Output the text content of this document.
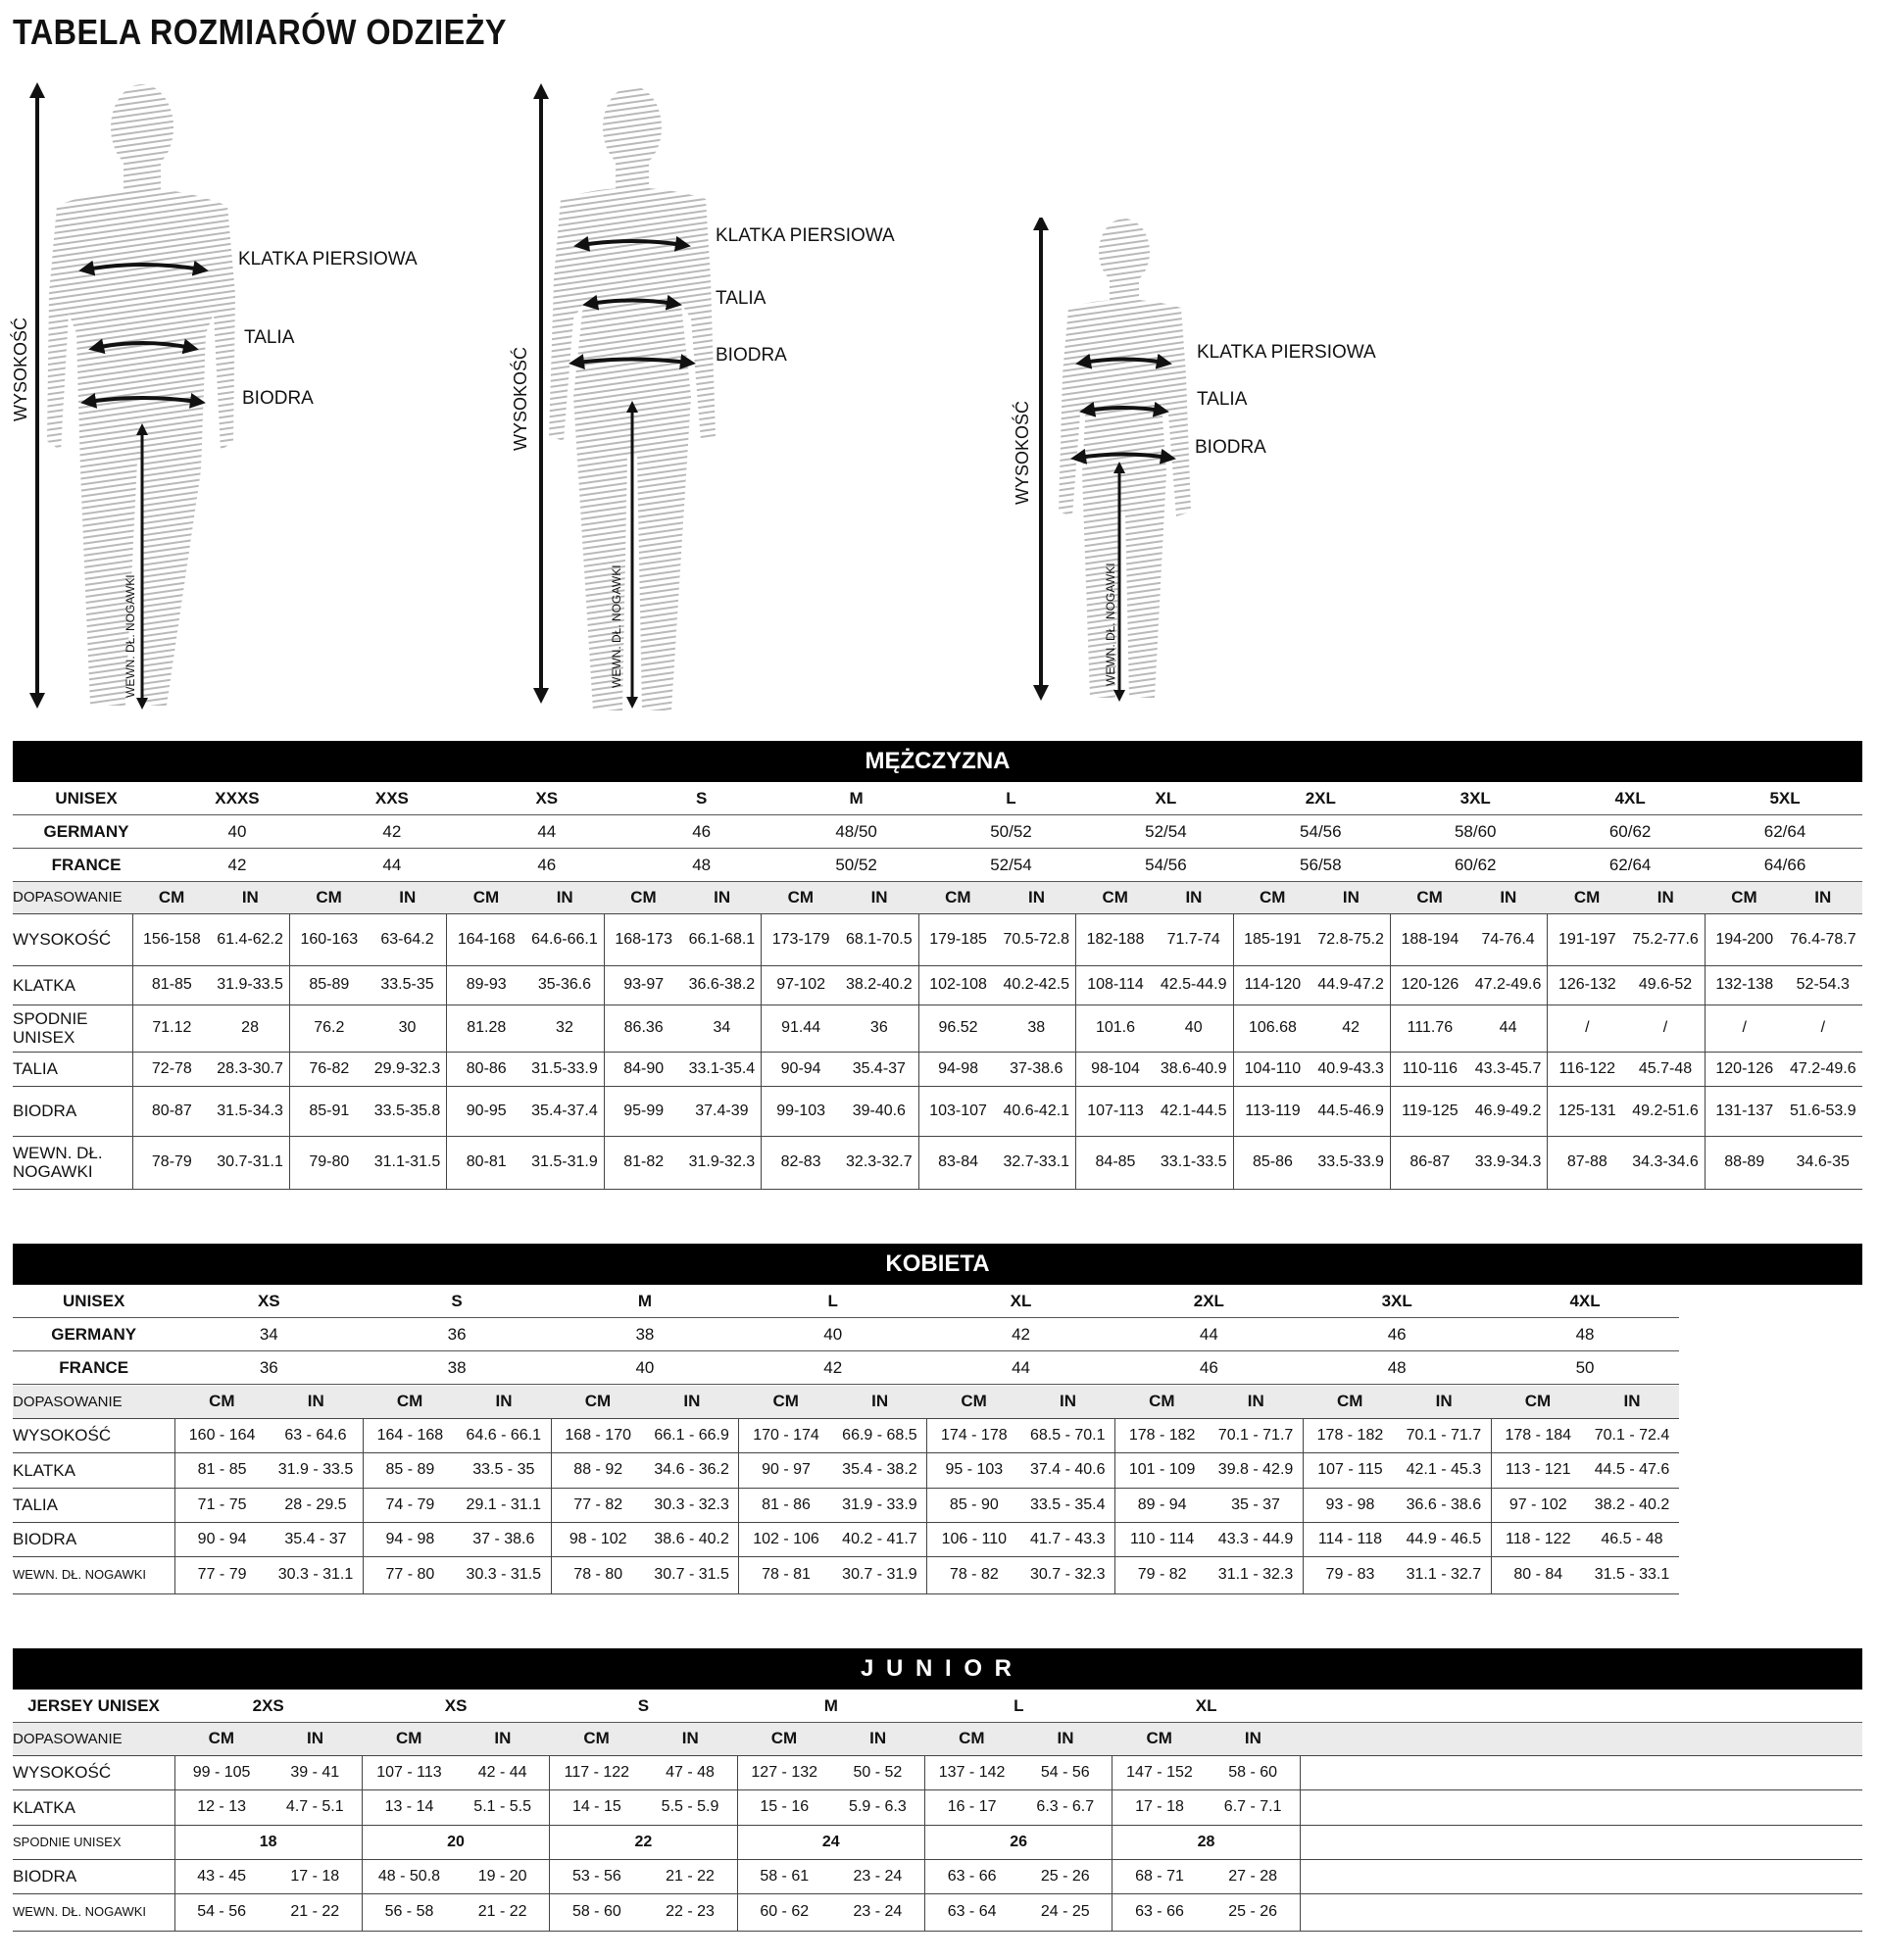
TABELA ROZMIARÓW ODZIEŻY
WYSOKOŚĆ
WEWN. DŁ. NOGAWKI
KLATKA PIERSIOWA
TALIA
BIODRA	WYSOKOŚĆ
WEWN. DŁ. NOGAWKI
KLATKA PIERSIOWA
TALIA
BIODRA
WYSOKOŚĆ
WEWN. DŁ. NOGAWKI
KLATKA PIERSIOWA
TALIA
BIODRA
MĘŻCZYZNA
UNISEX	XXXS	XXS	XS	S	M	L	XL	2XL	3XL	4XL	5XL
GERMANY	40	42	44	46	48/50	50/52	52/54	54/56	58/60	60/62	62/64
FRANCE	42	44	46	48	50/52	52/54	54/56	56/58	60/62	62/64	64/66
DOPASOWANIE	CM	IN	CM	IN	CM	IN	CM	IN	CM	IN	CM	IN	CM	IN	CM	IN	CM	IN	CM	IN	CM	IN
WYSOKOŚĆ	156-158	61.4-62.2	160-163	63-64.2	164-168	64.6-66.1	168-173	66.1-68.1	173-179	68.1-70.5	179-185	70.5-72.8	182-188	71.7-74	185-191	72.8-75.2	188-194	74-76.4	191-197	75.2-77.6	194-200	76.4-78.7
KLATKA	81-85	31.9-33.5	85-89	33.5-35	89-93	35-36.6	93-97	36.6-38.2	97-102	38.2-40.2	102-108	40.2-42.5	108-114	42.5-44.9	114-120	44.9-47.2	120-126	47.2-49.6	126-132	49.6-52	132-138	52-54.3
SPODNIE UNISEX	71.12	28	76.2	30	81.28	32	86.36	34	91.44	36	96.52	38	101.6	40	106.68	42	111.76	44	/	/	/	/
TALIA	72-78	28.3-30.7	76-82	29.9-32.3	80-86	31.5-33.9	84-90	33.1-35.4	90-94	35.4-37	94-98	37-38.6	98-104	38.6-40.9	104-110	40.9-43.3	110-116	43.3-45.7	116-122	45.7-48	120-126	47.2-49.6
BIODRA	80-87	31.5-34.3	85-91	33.5-35.8	90-95	35.4-37.4	95-99	37.4-39	99-103	39-40.6	103-107	40.6-42.1	107-113	42.1-44.5	113-119	44.5-46.9	119-125	46.9-49.2	125-131	49.2-51.6	131-137	51.6-53.9
WEWN. DŁ. NOGAWKI	78-79	30.7-31.1	79-80	31.1-31.5	80-81	31.5-31.9	81-82	31.9-32.3	82-83	32.3-32.7	83-84	32.7-33.1	84-85	33.1-33.5	85-86	33.5-33.9	86-87	33.9-34.3	87-88	34.3-34.6	88-89	34.6-35
KOBIETA
UNISEX	XS	S	M	L	XL	2XL	3XL	4XL
GERMANY	34	36	38	40	42	44	46	48
FRANCE	36	38	40	42	44	46	48	50
DOPASOWANIE	CM	IN	CM	IN	CM	IN	CM	IN	CM	IN	CM	IN	CM	IN	CM	IN
WYSOKOŚĆ	160 - 164	63 - 64.6	164 - 168	64.6 - 66.1	168 - 170	66.1 - 66.9	170 - 174	66.9 - 68.5	174 - 178	68.5 - 70.1	178 - 182	70.1 - 71.7	178 - 182	70.1 - 71.7	178 - 184	70.1 - 72.4
KLATKA	81 - 85	31.9 - 33.5	85 - 89	33.5 - 35	88 - 92	34.6 - 36.2	90 - 97	35.4 - 38.2	95 - 103	37.4 - 40.6	101 - 109	39.8 - 42.9	107 - 115	42.1 - 45.3	113 - 121	44.5 - 47.6
TALIA	71 - 75	28 - 29.5	74 - 79	29.1 - 31.1	77 - 82	30.3 - 32.3	81 - 86	31.9 - 33.9	85 - 90	33.5 - 35.4	89 - 94	35 - 37	93 - 98	36.6 - 38.6	97 - 102	38.2 - 40.2
BIODRA	90 - 94	35.4 - 37	94 - 98	37 - 38.6	98 - 102	38.6 - 40.2	102 - 106	40.2 - 41.7	106 - 110	41.7 - 43.3	110 - 114	43.3 - 44.9	114 - 118	44.9 - 46.5	118 - 122	46.5 - 48
WEWN. DŁ. NOGAWKI	77 - 79	30.3 - 31.1	77 - 80	30.3 - 31.5	78 - 80	30.7 - 31.5	78 - 81	30.7 - 31.9	78 - 82	30.7 - 32.3	79 - 82	31.1 - 32.3	79 - 83	31.1 - 32.7	80 - 84	31.5 - 33.1
J U N I O R
JERSEY UNISEX	2XS	XS	S	M	L	XL	
DOPASOWANIE	CM	IN	CM	IN	CM	IN	CM	IN	CM	IN	CM	IN	
WYSOKOŚĆ	99 - 105	39 - 41	107 - 113	42 - 44	117 - 122	47 - 48	127 - 132	50 - 52	137 - 142	54 - 56	147 - 152	58 - 60	
KLATKA	12 - 13	4.7 - 5.1	13 - 14	5.1 - 5.5	14 - 15	5.5 - 5.9	15 - 16	5.9 - 6.3	16 - 17	6.3 - 6.7	17 - 18	6.7 - 7.1	
SPODNIE UNISEX	18		20		22		24		26		28		
BIODRA	43 - 45	17 - 18	48 - 50.8	19 - 20	53 - 56	21 - 22	58 - 61	23 - 24	63 - 66	25 - 26	68 - 71	27 - 28	
WEWN. DŁ. NOGAWKI	54 - 56	21 - 22	56 - 58	21 - 22	58 - 60	22 - 23	60 - 62	23 - 24	63 - 64	24 - 25	63 - 66	25 - 26	
